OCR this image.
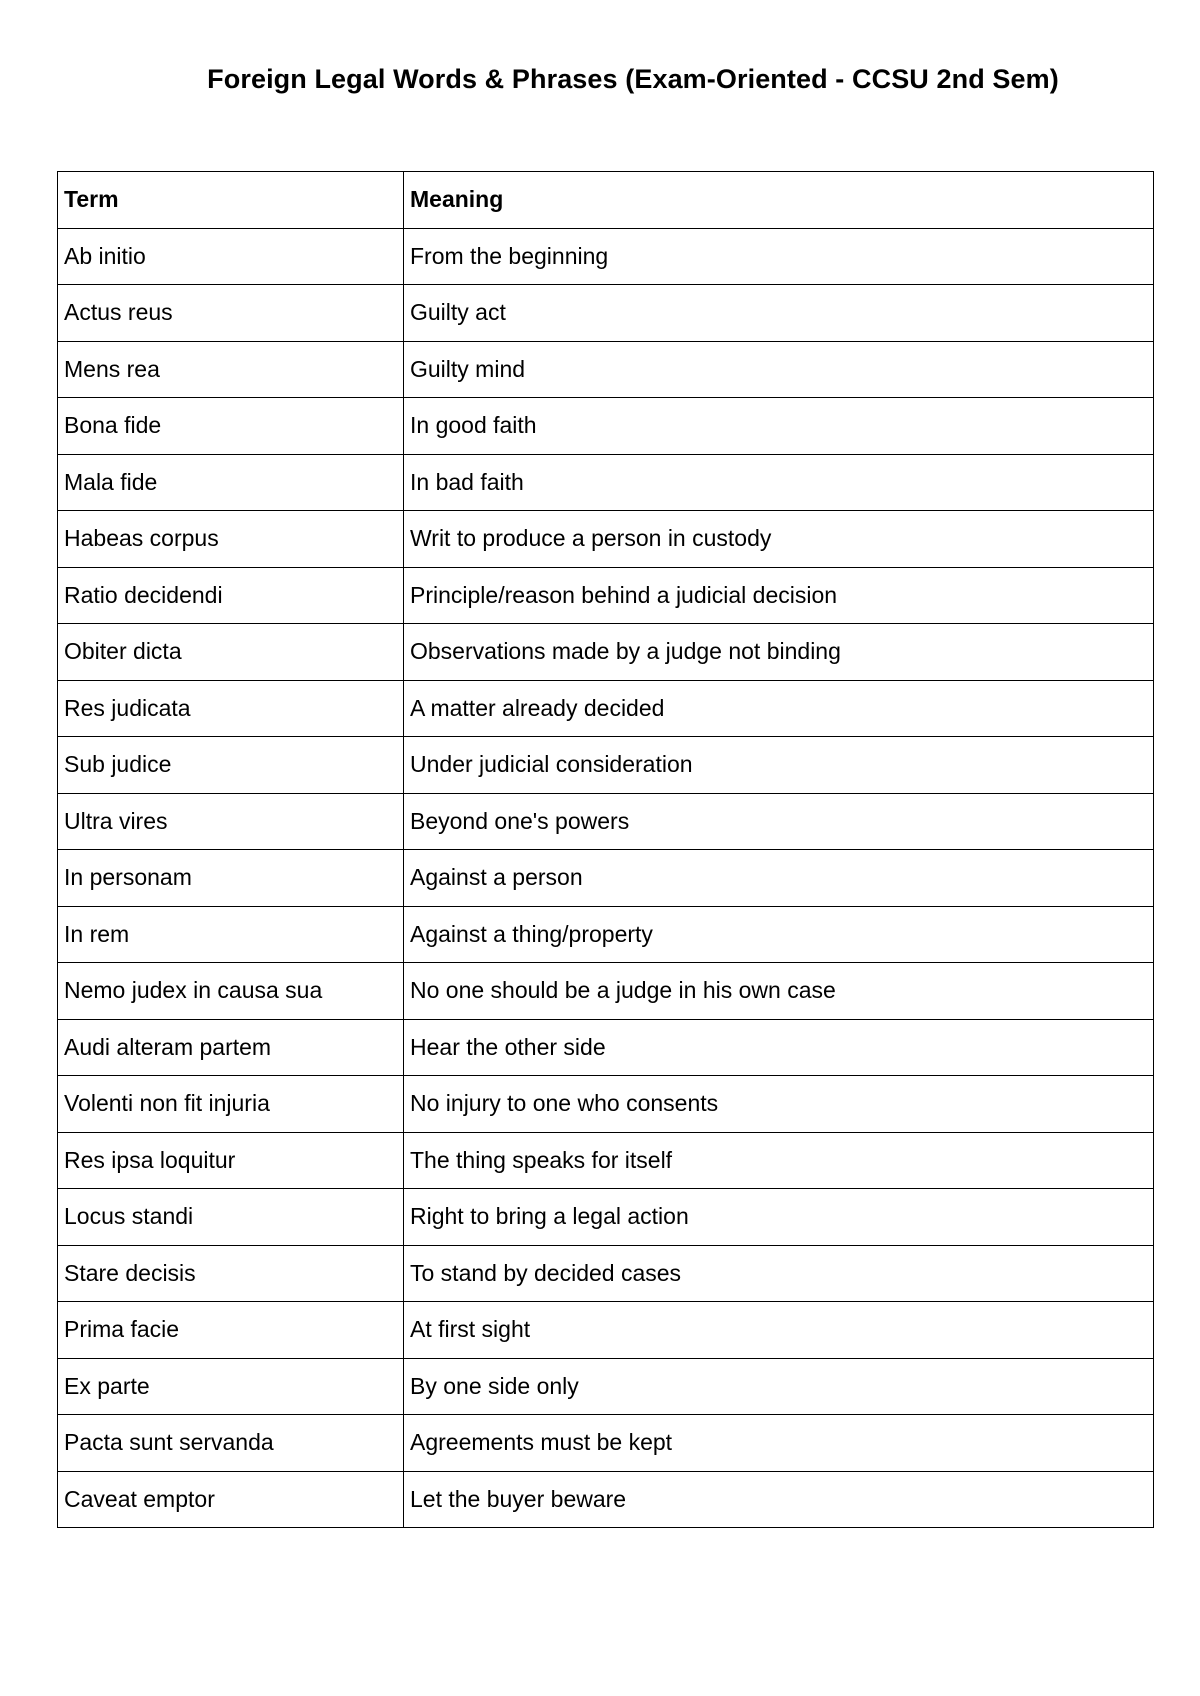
Foreign Legal Words & Phrases (Exam-Oriented - CCSU 2nd Sem)
Term	Meaning
Ab initio	From the beginning
Actus reus	Guilty act
Mens rea	Guilty mind
Bona fide	In good faith
Mala fide	In bad faith
Habeas corpus	Writ to produce a person in custody
Ratio decidendi	Principle/reason behind a judicial decision
Obiter dicta	Observations made by a judge not binding
Res judicata	A matter already decided
Sub judice	Under judicial consideration
Ultra vires	Beyond one's powers
In personam	Against a person
In rem	Against a thing/property
Nemo judex in causa sua	No one should be a judge in his own case
Audi alteram partem	Hear the other side
Volenti non fit injuria	No injury to one who consents
Res ipsa loquitur	The thing speaks for itself
Locus standi	Right to bring a legal action
Stare decisis	To stand by decided cases
Prima facie	At first sight
Ex parte	By one side only
Pacta sunt servanda	Agreements must be kept
Caveat emptor	Let the buyer beware
